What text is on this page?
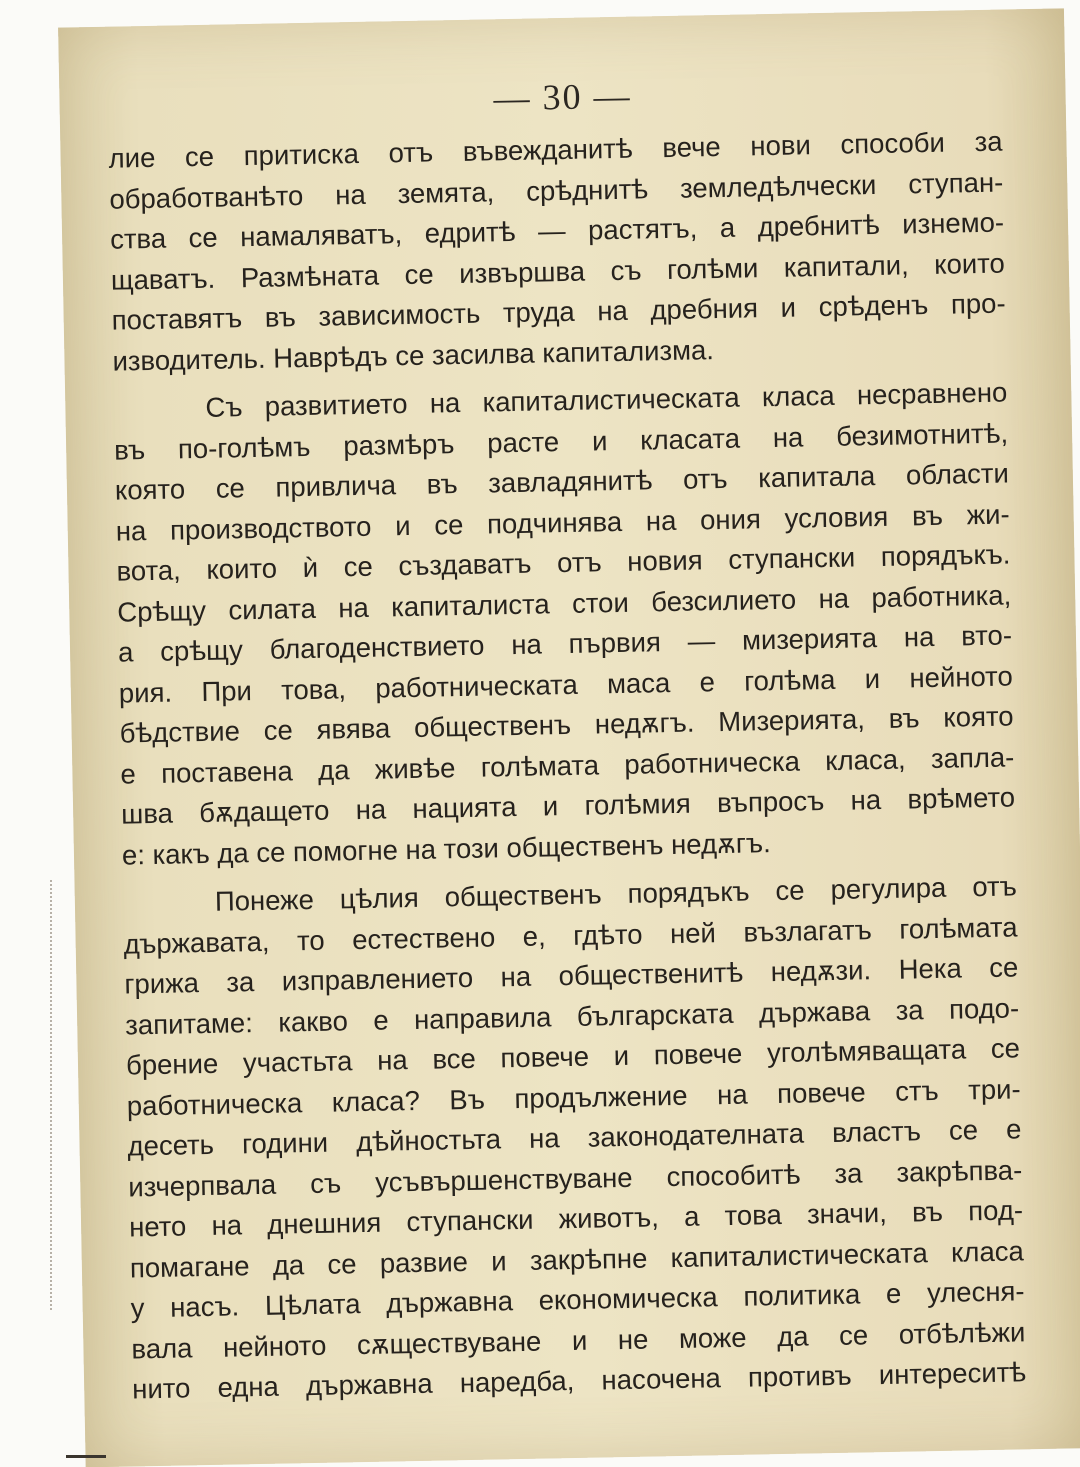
— 30 —
лие се притиска отъ въвежданитѣ вече нови способи за
обработванѣто на земята, срѣднитѣ земледѣлчески ступан-
ства се намаляватъ, едритѣ — растятъ, а дребнитѣ изнемо-
щаватъ. Размѣната се извършва съ голѣми капитали, които
поставятъ въ зависимость труда на дребния и срѣденъ про-
изводитель. Наврѣдъ се засилва капитализма.
Съ развитието на капиталистическата класа несравнено
въ по-голѣмъ размѣръ расте и класата на безимотнитѣ,
която се привлича въ завладянитѣ отъ капитала области
на производството и се подчинява на ония условия въ жи-
вота, които ѝ се създаватъ отъ новия ступански порядъкъ.
Срѣщу силата на капиталиста стои безсилието на работника,
а срѣщу благоденствието на първия — мизерията на вто-
рия. При това, работническата маса е голѣма и нейното
бѣдствие се явява общественъ недѫгъ. Мизерията, въ която
е поставена да живѣе голѣмата работническа класа, запла-
шва бѫдащето на нацията и голѣмия въпросъ на врѣмето
е: какъ да се помогне на този общественъ недѫгъ.
Понеже цѣлия общественъ порядъкъ се регулира отъ
държавата, то естествено е, гдѣто ней възлагатъ голѣмата
грижа за изправлението на общественитѣ недѫзи. Нека се
запитаме: какво е направила българската държава за подо-
брение участьта на все повече и повече уголѣмяващата се
работническа класа? Въ продължение на повече стъ три-
десеть години дѣйностьта на законодателната властъ се е
изчерпвала съ усъвършенствуване способитѣ за закрѣпва-
нето на днешния ступански животъ, а това значи, въ под-
помагане да се развие и закрѣпне капиталистическата класа
у насъ. Цѣлата държавна економическа политика е улесня-
вала нейното сѫществуване и не може да се отбѣлѣжи
нито една държавна наредба, насочена противъ интереситѣ
